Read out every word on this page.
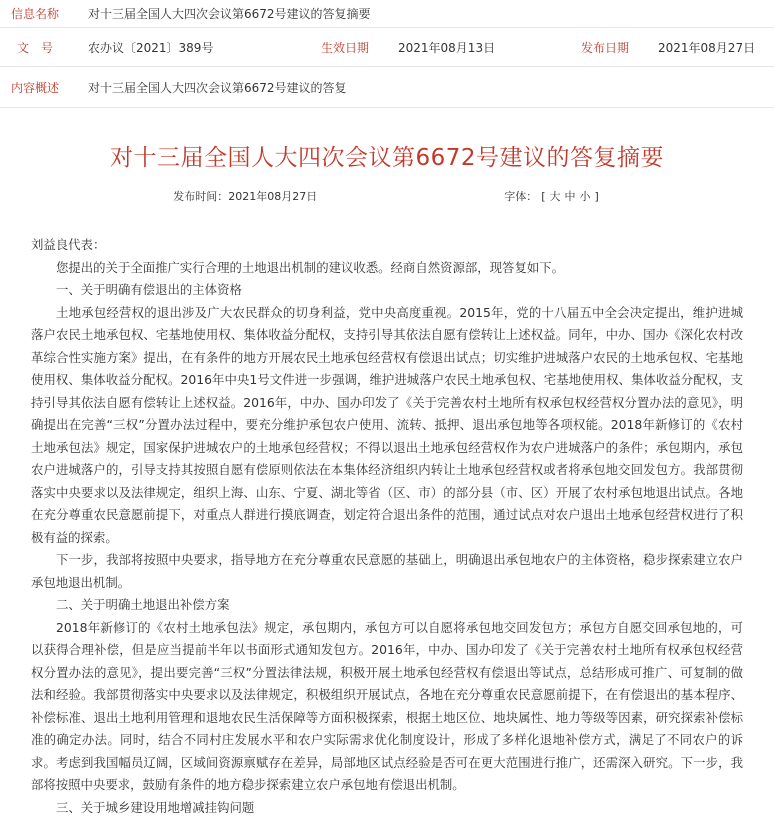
信息名称	对十三届全国人大四次会议第6672号建议的答复摘要
文　号	农办议〔2021〕389号	生效日期	2021年08月13日	发布日期	2021年08月27日
内容概述	对十三届全国人大四次会议第6672号建议的答复
对十三届全国人大四次会议第6672号建议的答复摘要
发布时间：2021年08月27日	字体： [ 大 中 小 ]

刘益良代表：

您提出的关于全面推广实行合理的土地退出机制的建议收悉。经商自然资源部，现答复如下。

一、关于明确有偿退出的主体资格

土地承包经营权的退出涉及广大农民群众的切身利益，党中央高度重视。2015年，党的十八届五中全会决定提出，维护进城落户农民土地承包权、宅基地使用权、集体收益分配权，支持引导其依法自愿有偿转让上述权益。同年，中办、国办《深化农村改革综合性实施方案》提出，在有条件的地方开展农民土地承包经营权有偿退出试点；切实维护进城落户农民的土地承包权、宅基地使用权、集体收益分配权。2016年中央1号文件进一步强调，维护进城落户农民土地承包权、宅基地使用权、集体收益分配权，支持引导其依法自愿有偿转让上述权益。2016年，中办、国办印发了《关于完善农村土地所有权承包权经营权分置办法的意见》，明确提出在完善“三权”分置办法过程中，要充分维护承包农户使用、流转、抵押、退出承包地等各项权能。2018年新修订的《农村土地承包法》规定，国家保护进城农户的土地承包经营权；不得以退出土地承包经营权作为农户进城落户的条件；承包期内，承包农户进城落户的，引导支持其按照自愿有偿原则依法在本集体经济组织内转让土地承包经营权或者将承包地交回发包方。我部贯彻落实中央要求以及法律规定，组织上海、山东、宁夏、湖北等省（区、市）的部分县（市、区）开展了农村承包地退出试点。各地在充分尊重农民意愿前提下，对重点人群进行摸底调查，划定符合退出条件的范围，通过试点对农户退出土地承包经营权进行了积极有益的探索。

下一步，我部将按照中央要求，指导地方在充分尊重农民意愿的基础上，明确退出承包地农户的主体资格，稳步探索建立农户承包地退出机制。

二、关于明确土地退出补偿方案

2018年新修订的《农村土地承包法》规定，承包期内，承包方可以自愿将承包地交回发包方；承包方自愿交回承包地的，可以获得合理补偿，但是应当提前半年以书面形式通知发包方。2016年，中办、国办印发了《关于完善农村土地所有权承包权经营权分置办法的意见》，提出要完善“三权”分置法律法规，积极开展土地承包经营权有偿退出等试点，总结形成可推广、可复制的做法和经验。我部贯彻落实中央要求以及法律规定，积极组织开展试点，各地在充分尊重农民意愿前提下，在有偿退出的基本程序、补偿标准、退出土地利用管理和退地农民生活保障等方面积极探索，根据土地区位、地块属性、地力等级等因素，研究探索补偿标准的确定办法。同时，结合不同村庄发展水平和农户实际需求优化制度设计，形成了多样化退地补偿方式，满足了不同农户的诉求。考虑到我国幅员辽阔，区域间资源禀赋存在差异，局部地区试点经验是否可在更大范围进行推广，还需深入研究。下一步，我部将按照中央要求，鼓励有条件的地方稳步探索建立农户承包地有偿退出机制。

三、关于城乡建设用地增减挂钩问题
